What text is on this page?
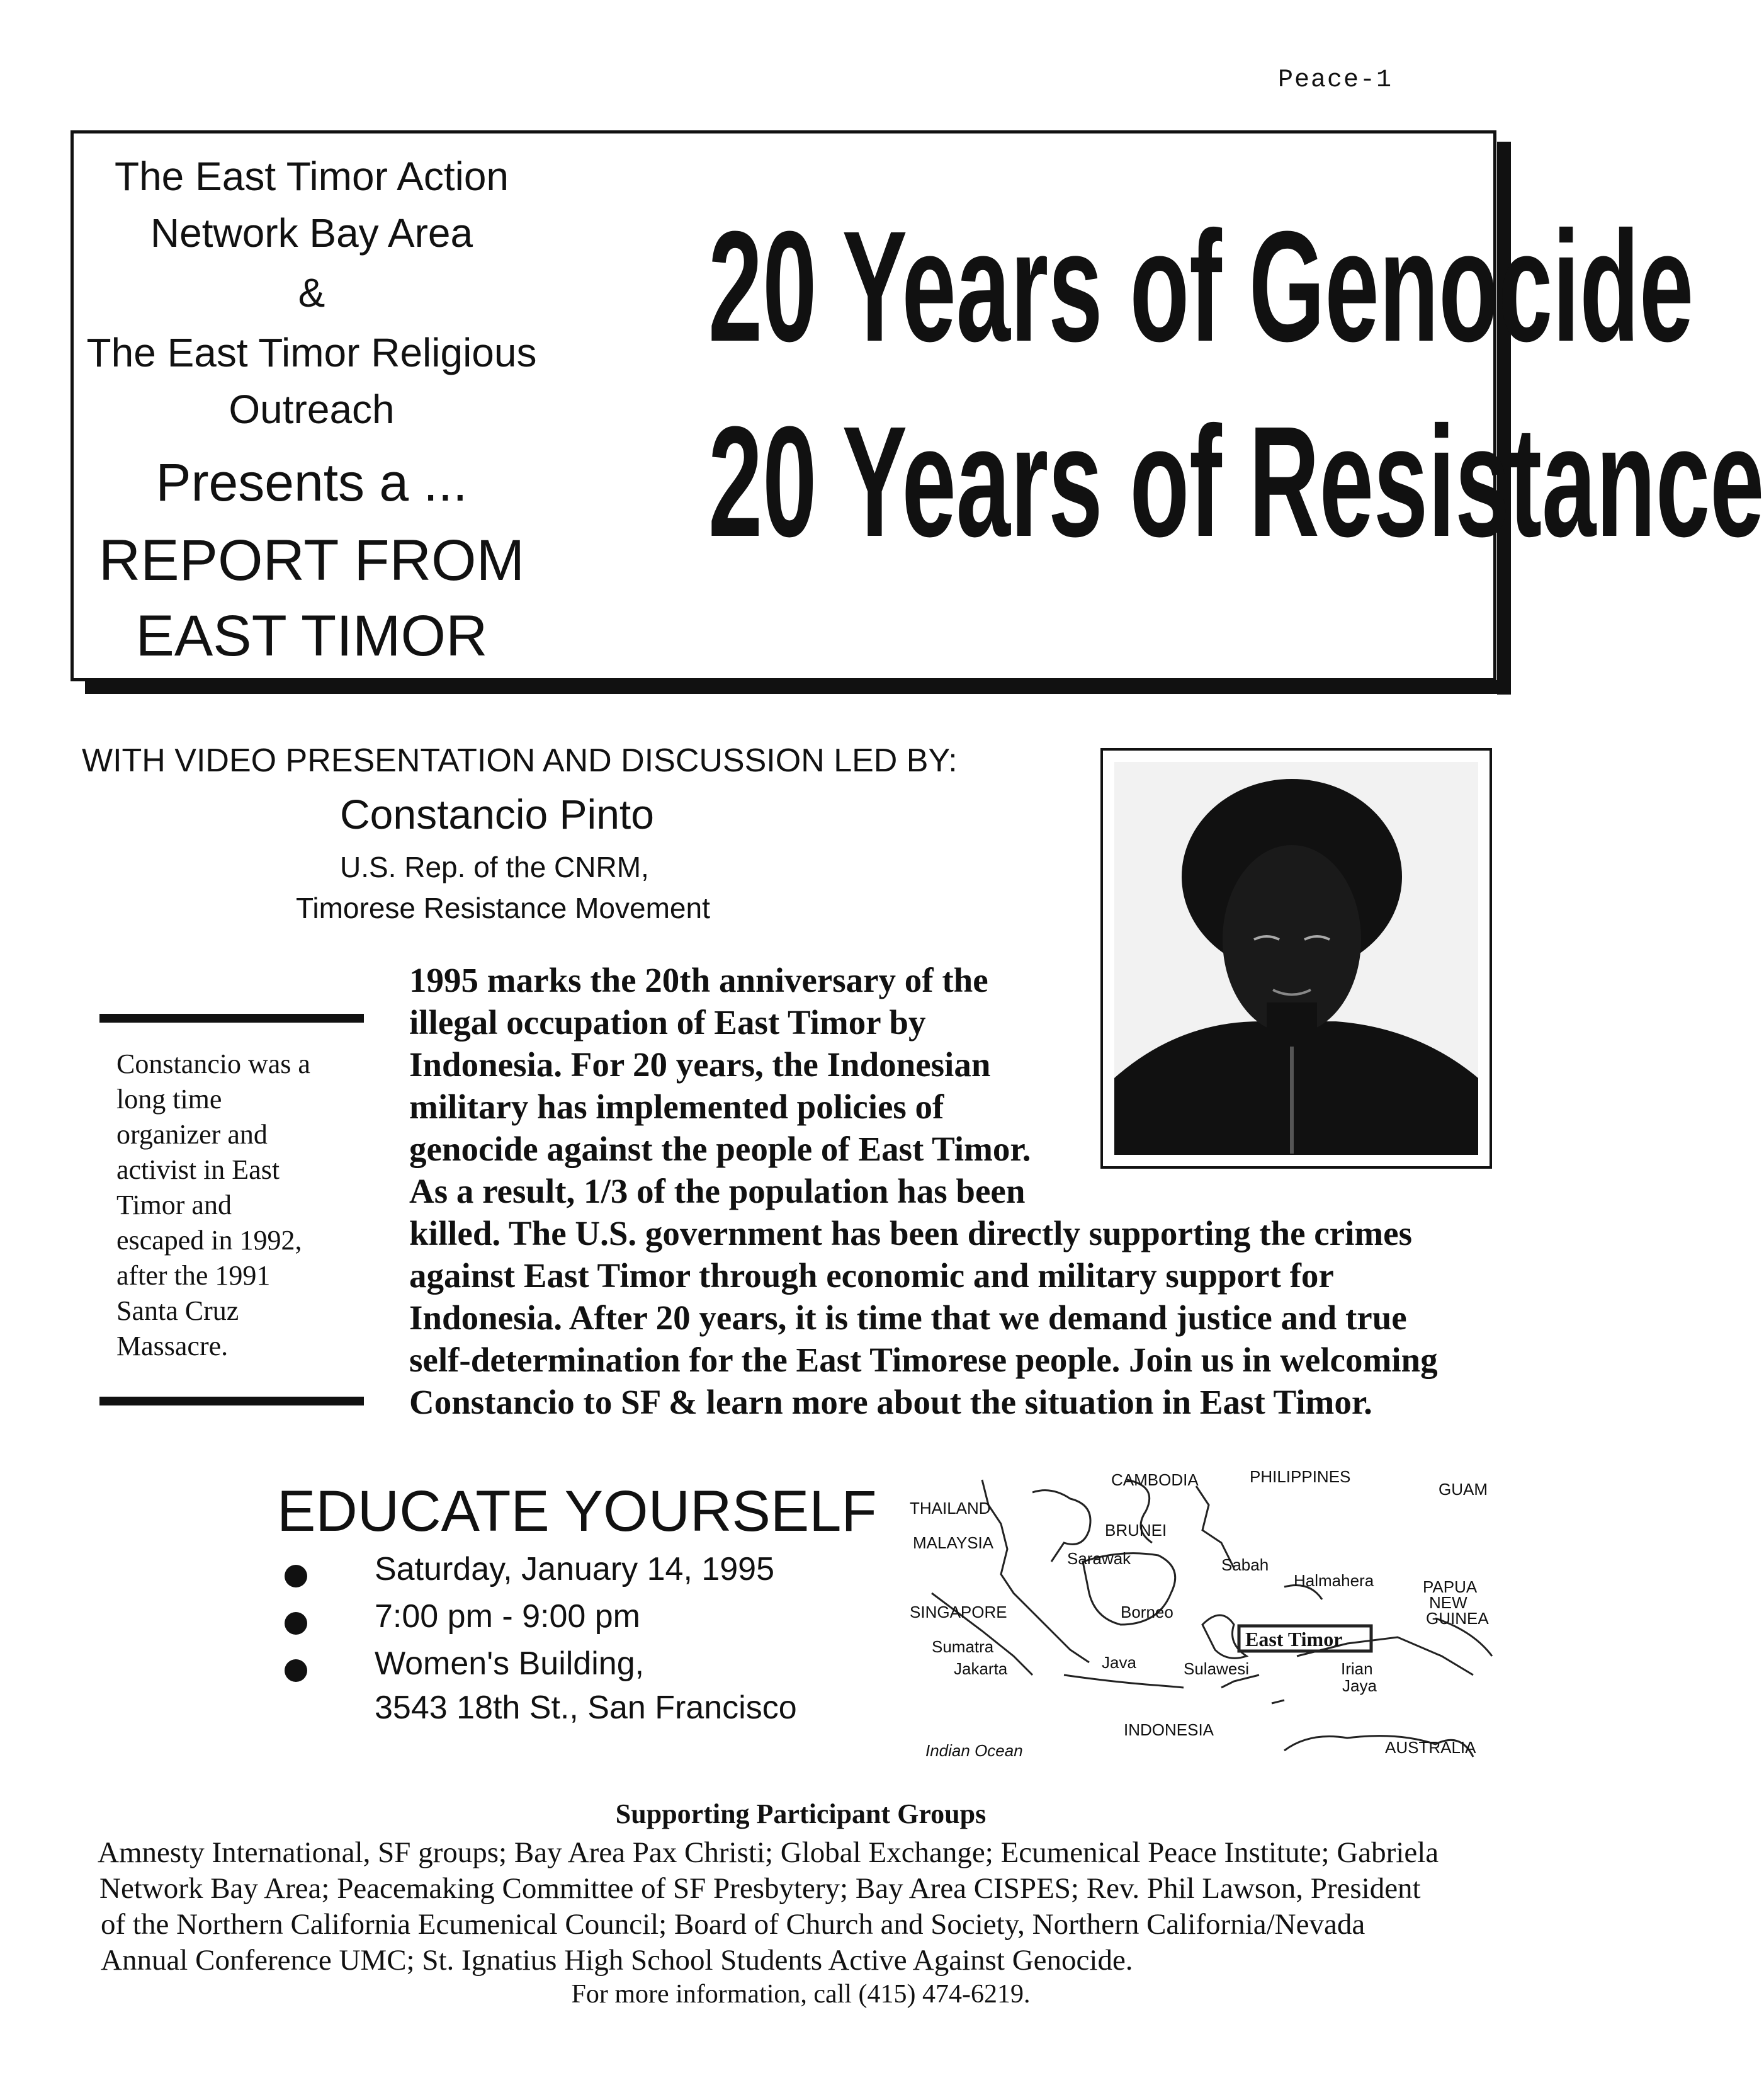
Peace-1
The East Timor Action
Network Bay Area
&
The East Timor Religious
Outreach
Presents a ...
REPORT FROM
EAST TIMOR
20 Years of Genocide
20 Years of Resistance
WITH VIDEO PRESENTATION AND DISCUSSION LED BY:
Constancio Pinto
U.S. Rep. of the CNRM,
Timorese Resistance Movement
Constancio was a
long time
organizer and
activist in East
Timor and
escaped in 1992,
after the 1991
Santa Cruz
Massacre.
1995 marks the 20th anniversary of the
illegal occupation of East Timor by
Indonesia. For 20 years, the Indonesian
military has implemented policies of
genocide against the people of East Timor.
As a result, 1/3 of the population has been
killed. The U.S. government has been directly supporting the crimes
against East Timor through economic and military support for
Indonesia. After 20 years, it is time that we demand justice and true
self-determination for the East Timorese people. Join us in welcoming
Constancio to SF & learn more about the situation in East Timor.
EDUCATE YOURSELF
Saturday, January 14, 1995
7:00 pm - 9:00 pm
Women's Building,
3543 18th St., San Francisco
CAMBODIA	PHILIPPINES
GUAM
THAILAND
BRUNEI
MALAYSIA
Sarawak	Sabah
Halmahera	PAPUA
NEW
GUINEA
SINGAPORE	Borneo
East Timor
Sumatra
Jakarta	Java	Sulawesi	Irian
Jaya
INDONESIA
Indian Ocean	AUSTRALIA
Supporting Participant Groups
Amnesty International, SF groups; Bay Area Pax Christi; Global Exchange; Ecumenical Peace Institute; Gabriela
Network Bay Area; Peacemaking Committee of SF Presbytery; Bay Area CISPES; Rev. Phil Lawson, President
of the Northern California Ecumenical Council; Board of Church and Society, Northern California/Nevada
Annual Conference UMC; St. Ignatius High School Students Active Against Genocide.
For more information, call (415) 474-6219.
